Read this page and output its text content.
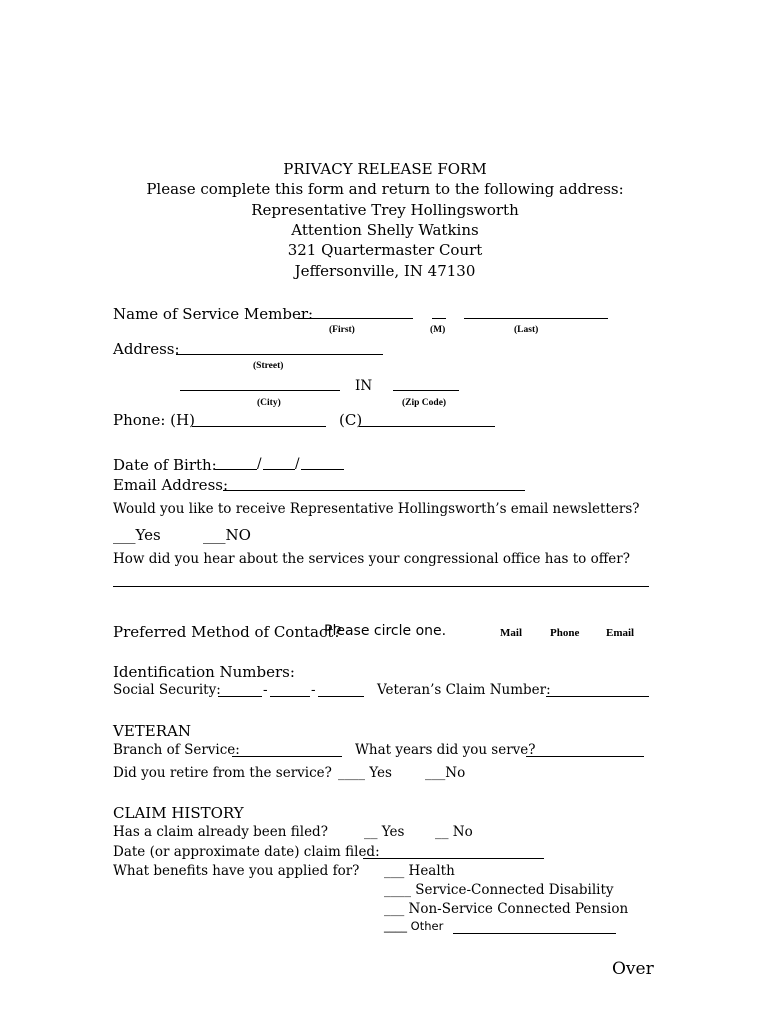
PRIVACY RELEASE FORM
Please complete this form and return to the following address:
Representative Trey Hollingsworth
Attention Shelly Watkins
321 Quartermaster Court
Jeffersonville, IN 47130
Name of Service Member:
(First)	(M)	(Last)
Address:
(Street)
IN
(City)	(Zip Code)
Phone: (H)	(C)
Date of Birth:	/ /
Email Address:
Would you like to receive Representative Hollingsworth’s email newsletters?
___Yes	___NO
How did you hear about the services your congressional office has to offer?
Preferred Method of Contact?
Please circle one.	Mail	Phone Email
Identification Numbers:
Social Security:	-	-	Veteran’s Claim Number:
VETERAN
Branch of Service:	What years did you serve?
Did you retire from the service? ____ Yes ___No
CLAIM HISTORY
Has a claim already been filed?	__ Yes __ No
Date (or approximate date) claim filed:
What benefits have you applied for? ___ Health
____ Service-Connected Disability
___ Non-Service Connected Pension
____ Other
Over
